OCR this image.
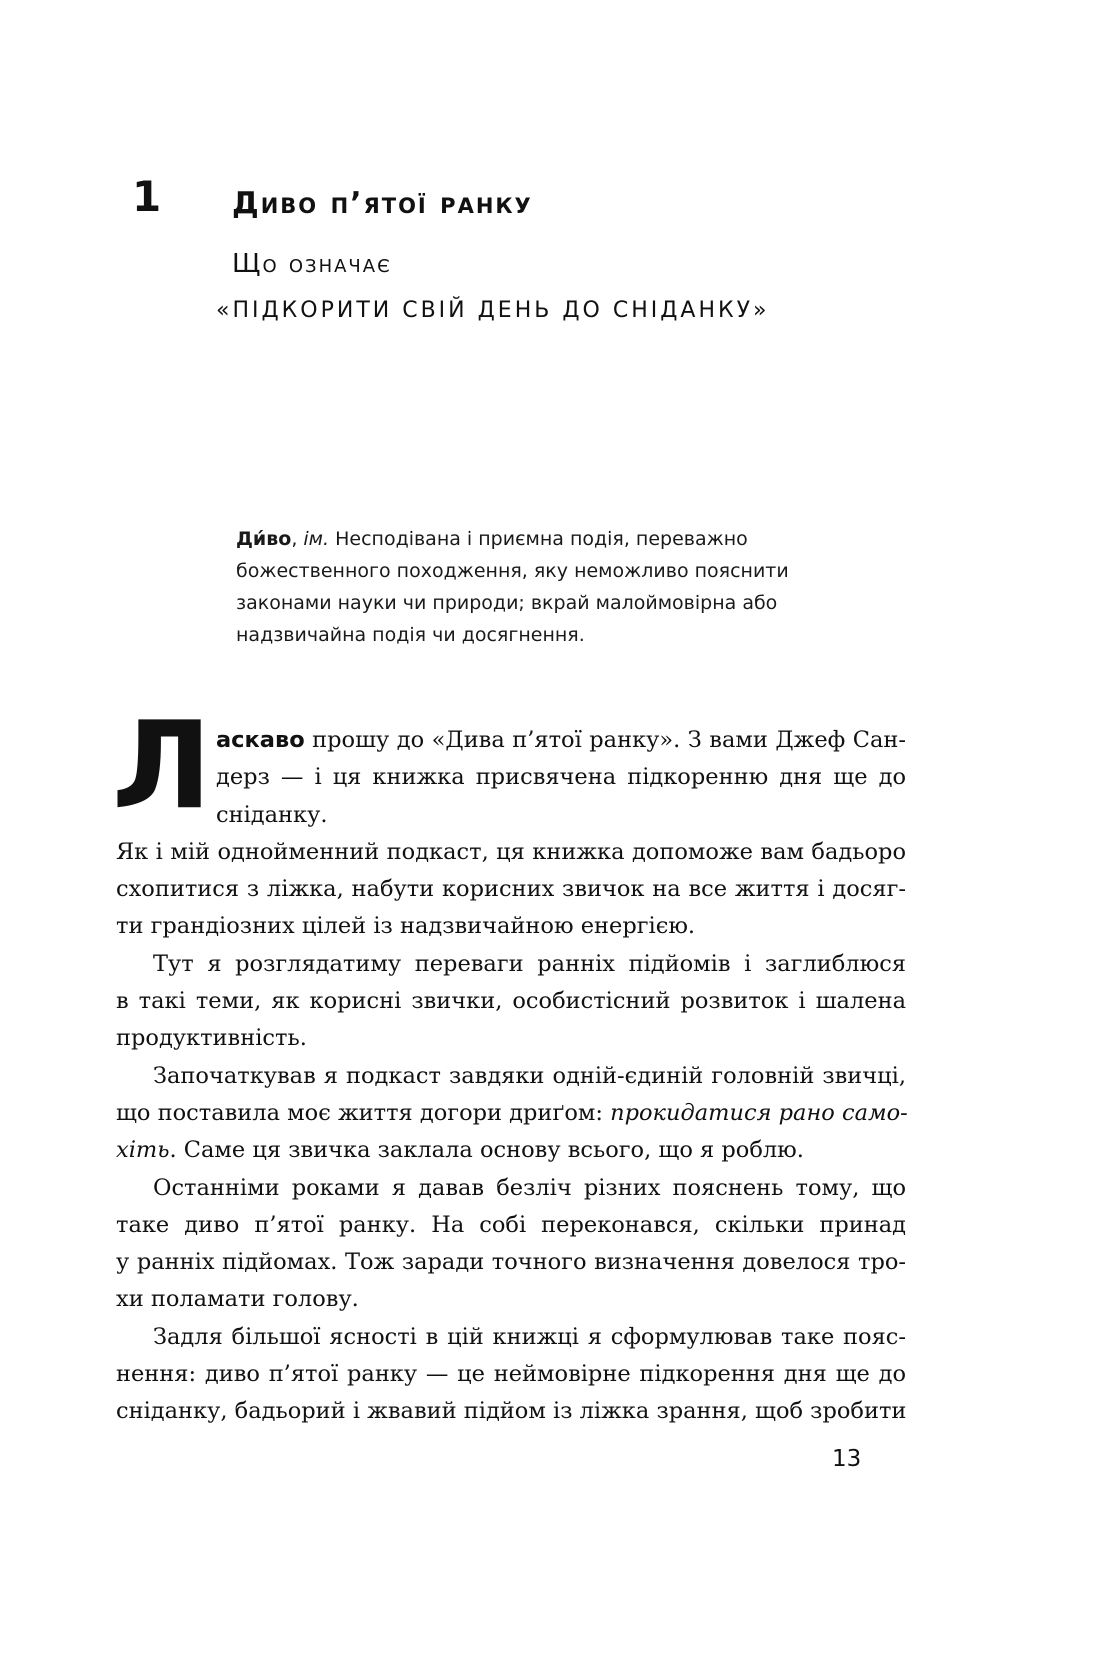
1 Диво п’ятої ранку
Що означає
«ПІДКОРИТИ СВІЙ ДЕНЬ ДО СНІДАНКУ»
Ди́во, ім. Несподівана і приємна подія, переважно
божественного походження, яку неможливо пояснити
законами науки чи природи; вкрай малоймовірна або
надзвичайна подія чи досягнення.
Л аскаво прошу до «Дива п’ятої ранку». З вами Джеф Сан-
дерз — і ця книжка присвячена підкоренню дня ще до
сніданку.
Як і мій однойменний подкаст, ця книжка допоможе вам бадьоро
схопитися з ліжка, набути корисних звичок на все життя і досяг-
ти грандіозних цілей із надзвичайною енергією.
Тут я розглядатиму переваги ранніх підйомів і заглиблюся
в такі теми, як корисні звички, особистісний розвиток і шалена
продуктивність.
Започаткував я подкаст завдяки одній-єдиній головній звичці,
що поставила моє життя догори дриґом: прокидатися рано само-
хіть. Саме ця звичка заклала основу всього, що я роблю.
Останніми роками я давав безліч різних пояснень тому, що
таке диво п’ятої ранку. На собі переконався, скільки принад
у ранніх підйомах. Тож заради точного визначення довелося тро-
хи поламати голову.
Задля більшої ясності в цій книжці я сформулював таке пояс-
нення: диво п’ятої ранку — це неймовірне підкорення дня ще до
сніданку, бадьорий і жвавий підйом із ліжка зрання, щоб зробити
13
